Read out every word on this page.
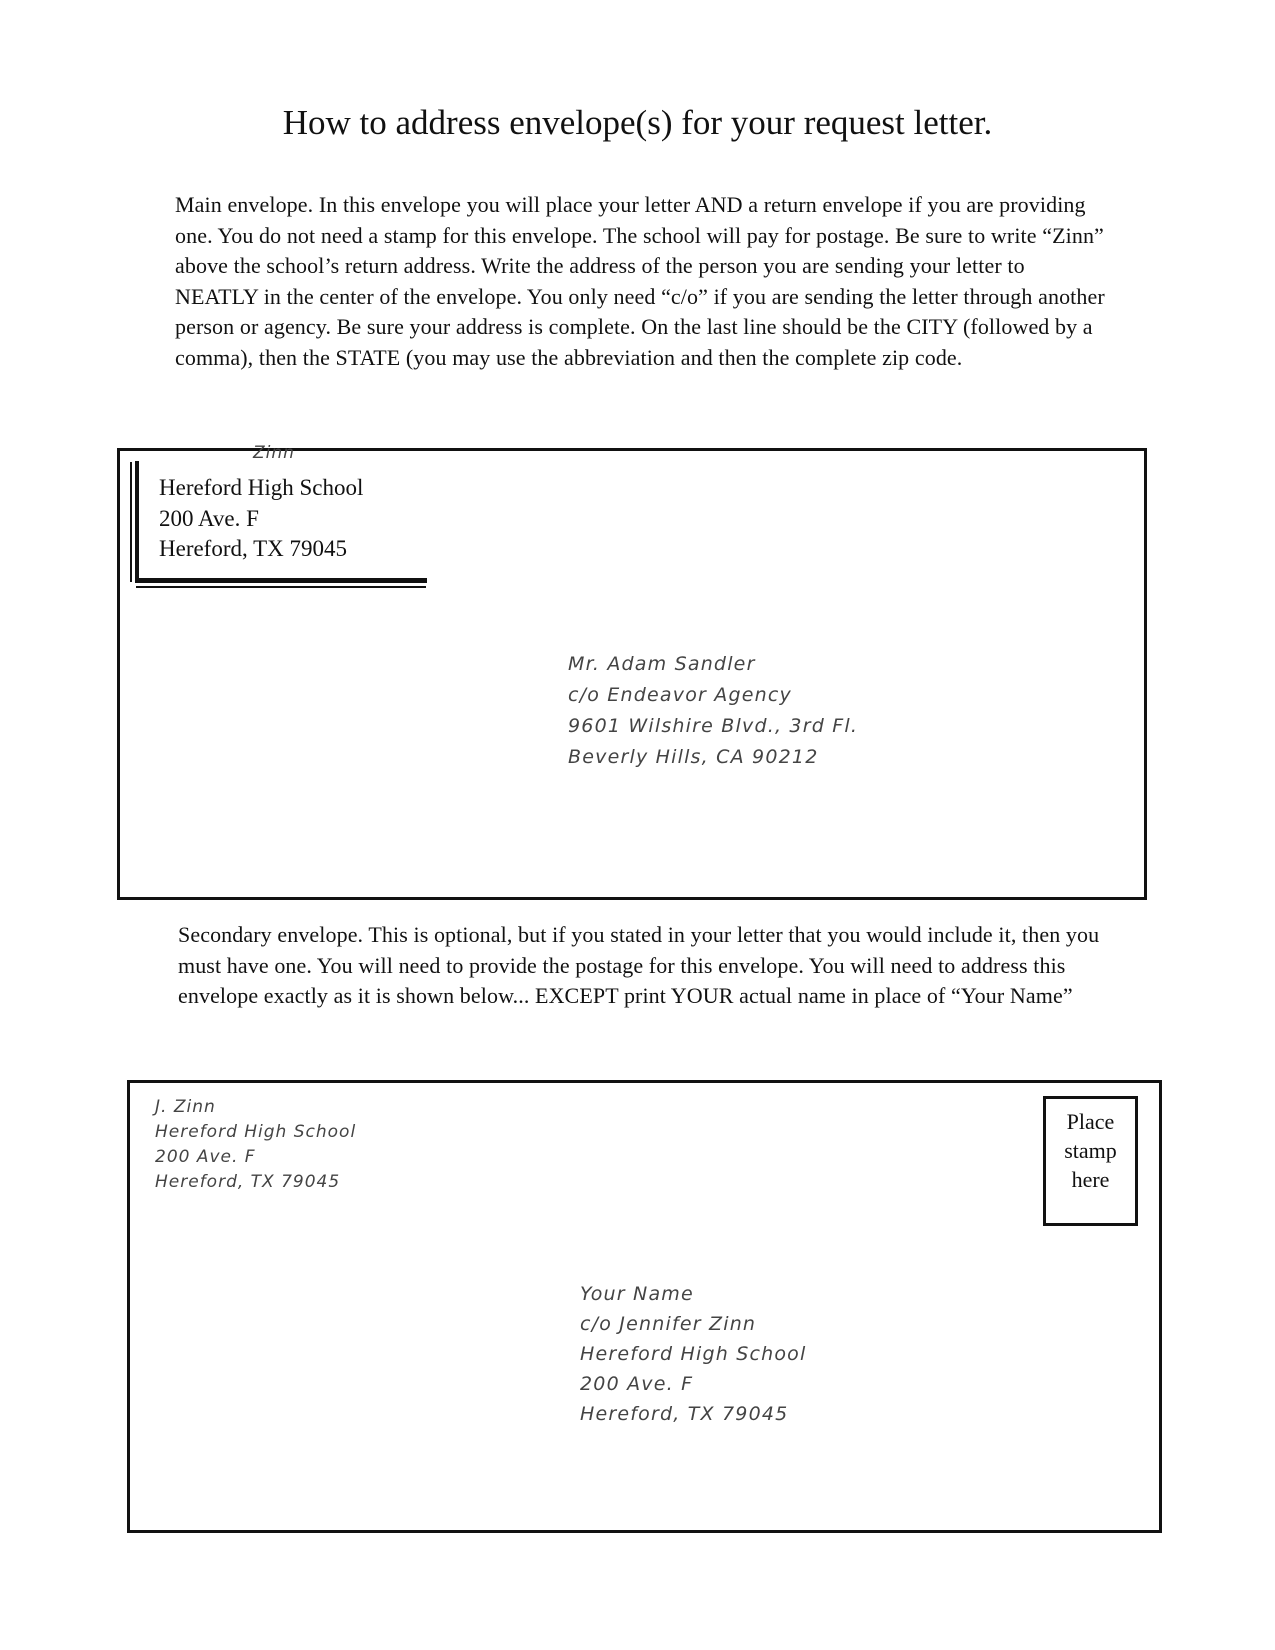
How to address envelope(s) for your request letter.

Main envelope. In this envelope you will place your letter AND a return envelope if you are providing one. You do not need a stamp for this envelope. The school will pay for postage. Be sure to write “Zinn” above the school’s return address. Write the address of the person you are sending your letter to NEATLY in the center of the envelope. You only need “c/o” if you are sending the letter through another person or agency. Be sure your address is complete. On the last line should be the CITY (followed by a comma), then the STATE (you may use the abbreviation and then the complete zip code.

Zinn
Hereford High School
200 Ave. F
Hereford, TX 79045
Mr. Adam Sandler
c/o Endeavor Agency
9601 Wilshire Blvd., 3rd Fl.
Beverly Hills, CA 90212

Secondary envelope. This is optional, but if you stated in your letter that you would include it, then you must have one. You will need to provide the postage for this envelope. You will need to address this envelope exactly as it is shown below... EXCEPT print YOUR actual name in place of “Your Name”

J. Zinn
Hereford High School
200 Ave. F
Hereford, TX 79045
Place
stamp
here
Your Name
c/o Jennifer Zinn
Hereford High School
200 Ave. F
Hereford, TX 79045
